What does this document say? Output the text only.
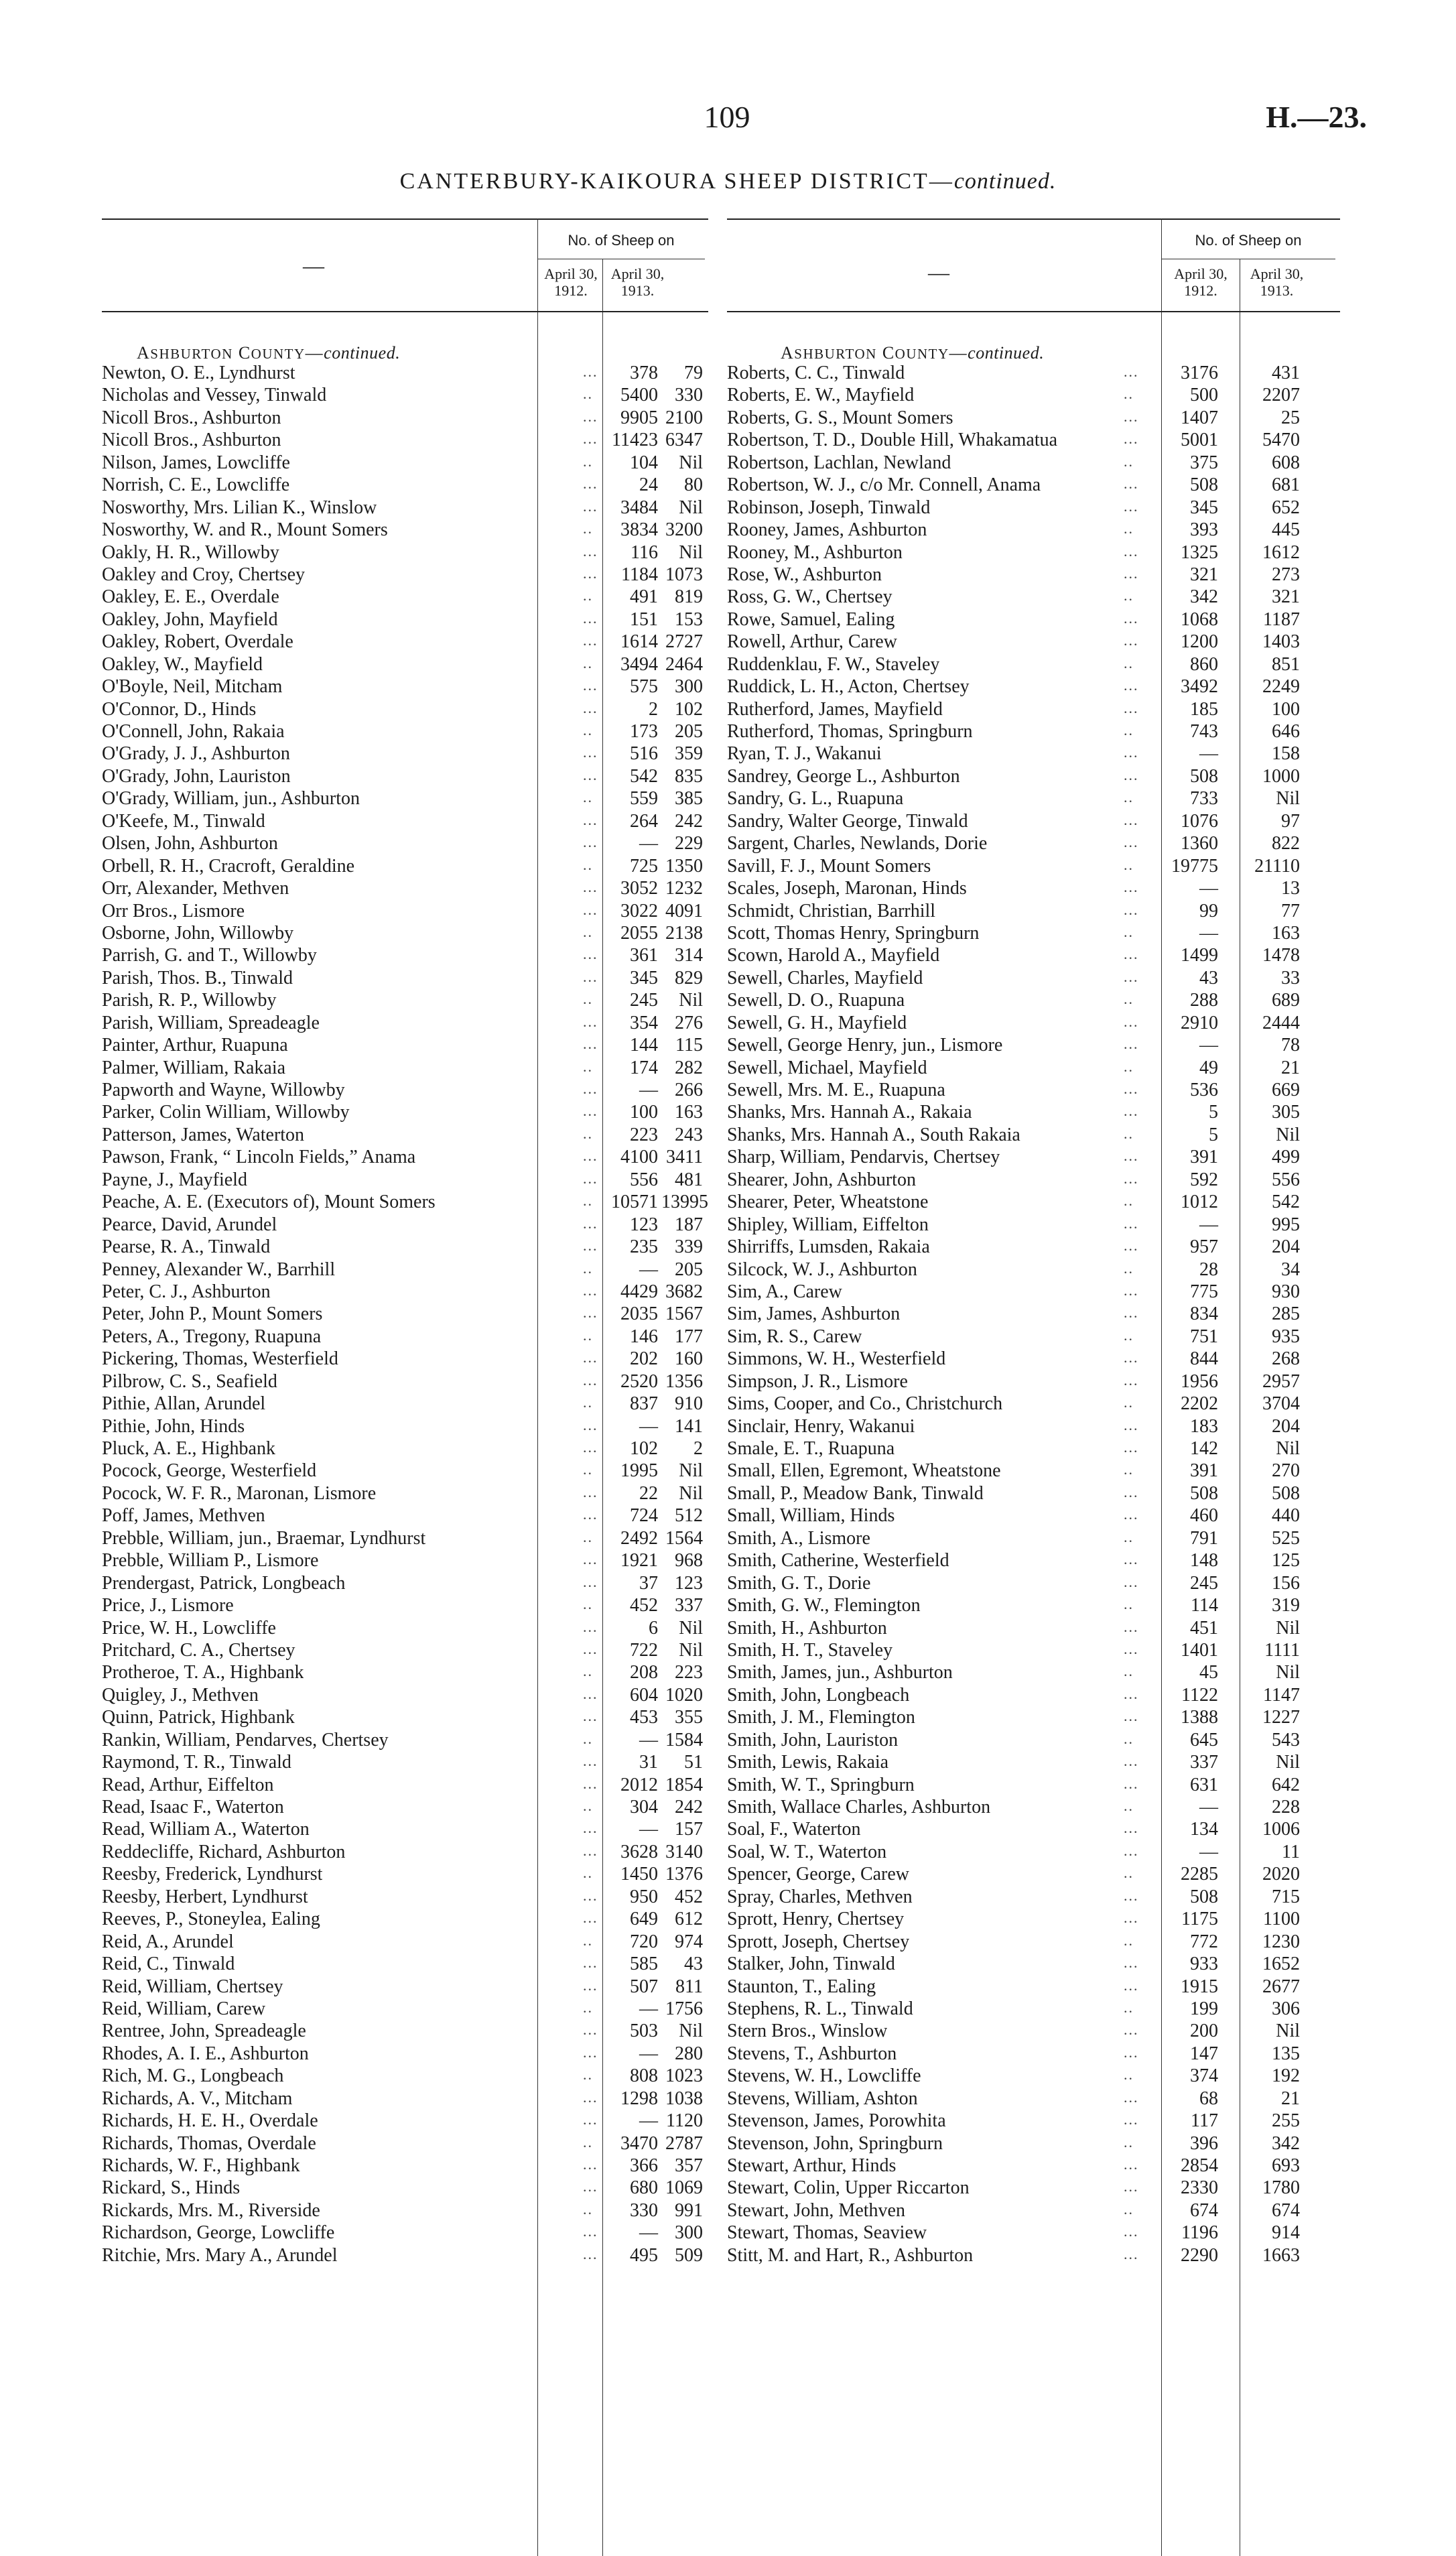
109	H.—23.
CANTERBURY-KAIKOURA SHEEP DISTRICT—continued.
—
No. of Sheep on
April 30,
1912.
April 30,
1913.
ASHBURTON COUNTY—continued.
Newton, O. E., Lyndhurst	...	378	79
Nicholas and Vessey, Tinwald	..	5400 330
Nicoll Bros., Ashburton	...	9905 2100
Nicoll Bros., Ashburton	... 11423 6347
Nilson, James, Lowcliffe	..	104	Nil
Norrish, C. E., Lowcliffe	...	24	80
Nosworthy, Mrs. Lilian K., Winslow	...	3484	Nil
Nosworthy, W. and R., Mount Somers	..	3834 3200
Oakly, H. R., Willowby	...	116	Nil
Oakley and Croy, Chertsey	...	1184 1073
Oakley, E. E., Overdale	..	491 819
Oakley, John, Mayfield	...	151 153
Oakley, Robert, Overdale	...	1614 2727
Oakley, W., Mayfield	..	3494 2464
O'Boyle, Neil, Mitcham	...	575 300
O'Connor, D., Hinds	...	2 102
O'Connell, John, Rakaia	..	173 205
O'Grady, J. J., Ashburton	...	516 359
O'Grady, John, Lauriston	...	542 835
O'Grady, William, jun., Ashburton	..	559 385
O'Keefe, M., Tinwald	...	264 242
Olsen, John, Ashburton	...	— 229
Orbell, R. H., Cracroft, Geraldine	..	725 1350
Orr, Alexander, Methven	...	3052 1232
Orr Bros., Lismore	...	3022 4091
Osborne, John, Willowby	..	2055 2138
Parrish, G. and T., Willowby	...	361 314
Parish, Thos. B., Tinwald	...	345 829
Parish, R. P., Willowby	..	245	Nil
Parish, William, Spreadeagle	...	354 276
Painter, Arthur, Ruapuna	...	144 115
Palmer, William, Rakaia	..	174 282
Papworth and Wayne, Willowby	...	— 266
Parker, Colin William, Willowby	...	100 163
Patterson, James, Waterton	..	223 243
Pawson, Frank, “ Lincoln Fields,” Anama	...	4100 3411
Payne, J., Mayfield	...	556 481
Peache, A. E. (Executors of), Mount Somers	.. 10571 13995
Pearce, David, Arundel	...	123 187
Pearse, R. A., Tinwald	...	235 339
Penney, Alexander W., Barrhill	..	— 205
Peter, C. J., Ashburton	...	4429 3682
Peter, John P., Mount Somers	...	2035 1567
Peters, A., Tregony, Ruapuna	..	146 177
Pickering, Thomas, Westerfield	...	202 160
Pilbrow, C. S., Seafield	...	2520 1356
Pithie, Allan, Arundel	..	837 910
Pithie, John, Hinds	...	— 141
Pluck, A. E., Highbank	...	102	2
Pocock, George, Westerfield	..	1995	Nil
Pocock, W. F. R., Maronan, Lismore	...	22	Nil
Poff, James, Methven	...	724 512
Prebble, William, jun., Braemar, Lyndhurst	..	2492 1564
Prebble, William P., Lismore	...	1921 968
Prendergast, Patrick, Longbeach	...	37 123
Price, J., Lismore	..	452 337
Price, W. H., Lowcliffe	...	6	Nil
Pritchard, C. A., Chertsey	...	722	Nil
Protheroe, T. A., Highbank	..	208 223
Quigley, J., Methven	...	604 1020
Quinn, Patrick, Highbank	...	453 355
Rankin, William, Pendarves, Chertsey	..	— 1584
Raymond, T. R., Tinwald	...	31	51
Read, Arthur, Eiffelton	...	2012 1854
Read, Isaac F., Waterton	..	304 242
Read, William A., Waterton	...	— 157
Reddecliffe, Richard, Ashburton	...	3628 3140
Reesby, Frederick, Lyndhurst	..	1450 1376
Reesby, Herbert, Lyndhurst	...	950 452
Reeves, P., Stoneylea, Ealing	...	649 612
Reid, A., Arundel	..	720 974
Reid, C., Tinwald	...	585	43
Reid, William, Chertsey	...	507 811
Reid, William, Carew	..	— 1756
Rentree, John, Spreadeagle	...	503	Nil
Rhodes, A. I. E., Ashburton	...	— 280
Rich, M. G., Longbeach	..	808 1023
Richards, A. V., Mitcham	...	1298 1038
Richards, H. E. H., Overdale	...	— 1120
Richards, Thomas, Overdale	..	3470 2787
Richards, W. F., Highbank	...	366 357
Rickard, S., Hinds	...	680 1069
Rickards, Mrs. M., Riverside	..	330 991
Richardson, George, Lowcliffe	...	— 300
Ritchie, Mrs. Mary A., Arundel	...	495 509
—
No. of Sheep on
April 30,
1912.
April 30,
1913.
ASHBURTON COUNTY—continued.
Roberts, C. C., Tinwald	...	3176	431
Roberts, E. W., Mayfield	..	500	2207
Roberts, G. S., Mount Somers	...	1407	25
Robertson, T. D., Double Hill, Whakamatua	...	5001	5470
Robertson, Lachlan, Newland	..	375	608
Robertson, W. J., c/o Mr. Connell, Anama	...	508	681
Robinson, Joseph, Tinwald	...	345	652
Rooney, James, Ashburton	..	393	445
Rooney, M., Ashburton	...	1325	1612
Rose, W., Ashburton	...	321	273
Ross, G. W., Chertsey	..	342	321
Rowe, Samuel, Ealing	...	1068	1187
Rowell, Arthur, Carew	...	1200	1403
Ruddenklau, F. W., Staveley	..	860	851
Ruddick, L. H., Acton, Chertsey	...	3492	2249
Rutherford, James, Mayfield	...	185	100
Rutherford, Thomas, Springburn	..	743	646
Ryan, T. J., Wakanui	...	—	158
Sandrey, George L., Ashburton	...	508	1000
Sandry, G. L., Ruapuna	..	733	Nil
Sandry, Walter George, Tinwald	...	1076	97
Sargent, Charles, Newlands, Dorie	...	1360	822
Savill, F. J., Mount Somers	..	19775	21110
Scales, Joseph, Maronan, Hinds	...	—	13
Schmidt, Christian, Barrhill	...	99	77
Scott, Thomas Henry, Springburn	..	—	163
Scown, Harold A., Mayfield	...	1499	1478
Sewell, Charles, Mayfield	...	43	33
Sewell, D. O., Ruapuna	..	288	689
Sewell, G. H., Mayfield	...	2910	2444
Sewell, George Henry, jun., Lismore	...	—	78
Sewell, Michael, Mayfield	..	49	21
Sewell, Mrs. M. E., Ruapuna	...	536	669
Shanks, Mrs. Hannah A., Rakaia	...	5	305
Shanks, Mrs. Hannah A., South Rakaia	..	5	Nil
Sharp, William, Pendarvis, Chertsey	...	391	499
Shearer, John, Ashburton	...	592	556
Shearer, Peter, Wheatstone	..	1012	542
Shipley, William, Eiffelton	...	—	995
Shirriffs, Lumsden, Rakaia	...	957	204
Silcock, W. J., Ashburton	..	28	34
Sim, A., Carew	...	775	930
Sim, James, Ashburton	...	834	285
Sim, R. S., Carew	..	751	935
Simmons, W. H., Westerfield	...	844	268
Simpson, J. R., Lismore	...	1956	2957
Sims, Cooper, and Co., Christchurch	..	2202	3704
Sinclair, Henry, Wakanui	...	183	204
Smale, E. T., Ruapuna	...	142	Nil
Small, Ellen, Egremont, Wheatstone	..	391	270
Small, P., Meadow Bank, Tinwald	...	508	508
Small, William, Hinds	...	460	440
Smith, A., Lismore	..	791	525
Smith, Catherine, Westerfield	...	148	125
Smith, G. T., Dorie	...	245	156
Smith, G. W., Flemington	..	114	319
Smith, H., Ashburton	...	451	Nil
Smith, H. T., Staveley	...	1401	1111
Smith, James, jun., Ashburton	..	45	Nil
Smith, John, Longbeach	...	1122	1147
Smith, J. M., Flemington	...	1388	1227
Smith, John, Lauriston	..	645	543
Smith, Lewis, Rakaia	...	337	Nil
Smith, W. T., Springburn	...	631	642
Smith, Wallace Charles, Ashburton	..	—	228
Soal, F., Waterton	...	134	1006
Soal, W. T., Waterton	...	—	11
Spencer, George, Carew	..	2285	2020
Spray, Charles, Methven	...	508	715
Sprott, Henry, Chertsey	...	1175	1100
Sprott, Joseph, Chertsey	..	772	1230
Stalker, John, Tinwald	...	933	1652
Staunton, T., Ealing	...	1915	2677
Stephens, R. L., Tinwald	..	199	306
Stern Bros., Winslow	...	200	Nil
Stevens, T., Ashburton	...	147	135
Stevens, W. H., Lowcliffe	..	374	192
Stevens, William, Ashton	...	68	21
Stevenson, James, Porowhita	...	117	255
Stevenson, John, Springburn	..	396	342
Stewart, Arthur, Hinds	...	2854	693
Stewart, Colin, Upper Riccarton	...	2330	1780
Stewart, John, Methven	..	674	674
Stewart, Thomas, Seaview	...	1196	914
Stitt, M. and Hart, R., Ashburton	...	2290	1663
